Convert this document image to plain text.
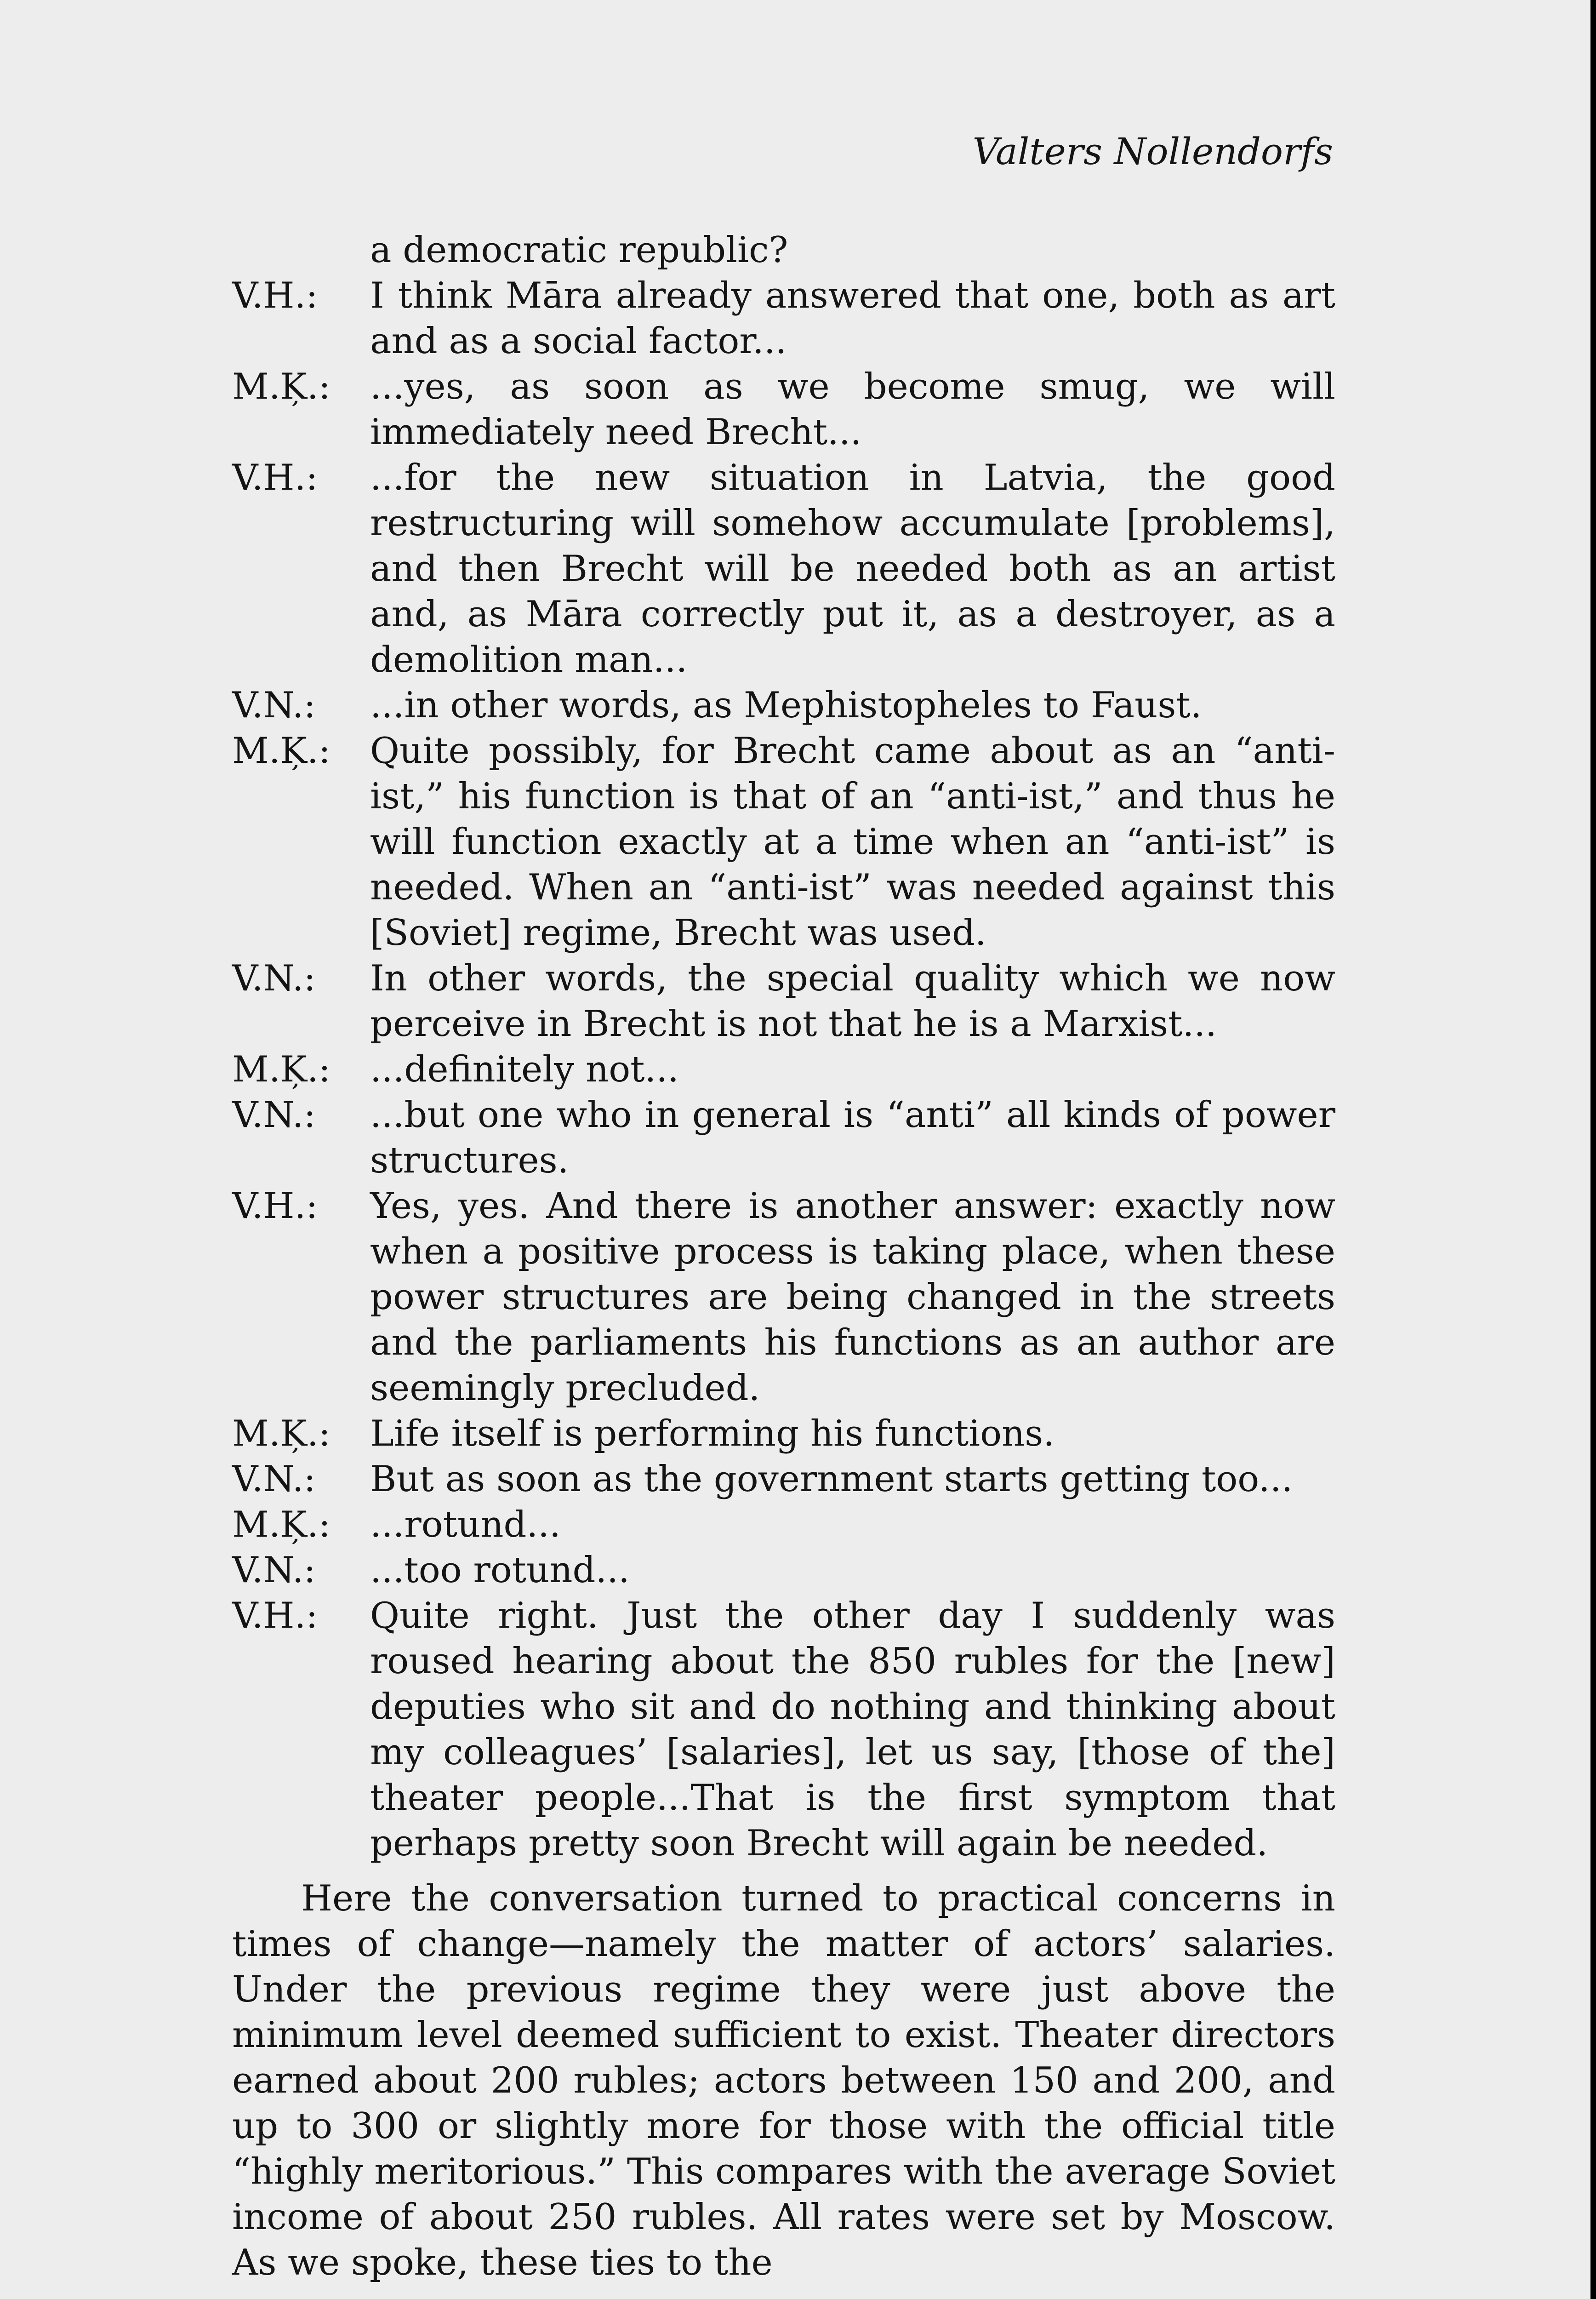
Valters Nollendorfs
a democratic republic?
V.H.:	I think Māra already answered that one, both as art and as a social factor...
M.Ķ.:	...yes, as soon as we become smug, we will immediately need Brecht...
V.H.:	...for the new situation in Latvia, the good restructuring will somehow accumulate [problems], and then Brecht will be needed both as an artist and, as Māra correctly put it, as a destroyer, as a demolition man...
V.N.:	...in other words, as Mephistopheles to Faust.
M.Ķ.:	Quite possibly, for Brecht came about as an “anti-ist,” his function is that of an “anti-ist,” and thus he will function exactly at a time when an “anti-ist” is needed. When an “anti-ist” was needed against this [Soviet] regime, Brecht was used.
V.N.:	In other words, the special quality which we now perceive in Brecht is not that he is a Marxist...
M.Ķ.:	...definitely not...
V.N.:	...but one who in general is “anti” all kinds of power structures.
V.H.:	Yes, yes. And there is another answer: exactly now when a positive process is taking place, when these power structures are being changed in the streets and the parliaments his functions as an author are seemingly precluded.
M.Ķ.:	Life itself is performing his functions.
V.N.:	But as soon as the government starts getting too...
M.Ķ.:	...rotund...
V.N.:	...too rotund...
V.H.:	Quite right. Just the other day I suddenly was roused hearing about the 850 rubles for the [new] deputies who sit and do nothing and thinking about my colleagues’ [salaries], let us say, [those of the] theater people...That is the first symptom that perhaps pretty soon Brecht will again be needed.
Here the conversation turned to practical concerns in times of change—namely the matter of actors’ salaries. Under the previous regime they were just above the minimum level deemed sufficient to exist. Theater directors earned about 200 rubles; actors between 150 and 200, and up to 300 or slightly more for those with the official title “highly meritorious.” This compares with the average Soviet income of about 250 rubles. All rates were set by Moscow. As we spoke, these ties to the
